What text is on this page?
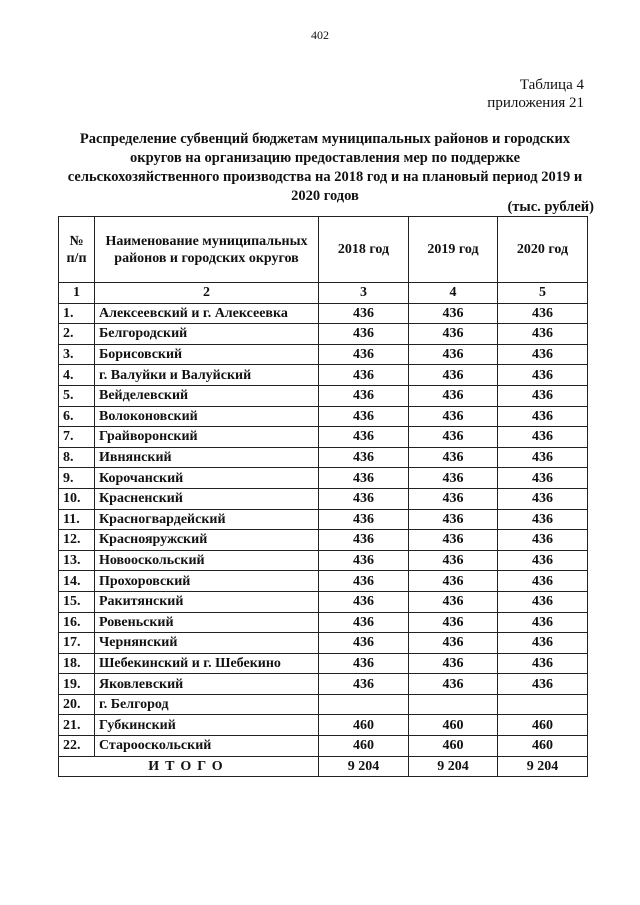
402
Таблица 4
приложения 21
Распределение субвенций бюджетам муниципальных районов и городских округов на организацию предоставления мер по поддержке сельскохозяйственного производства на 2018 год и на плановый период 2019 и 2020 годов
(тыс. рублей)
№ п/п	Наименование муниципальных районов и городских округов	2018 год	2019 год	2020 год
1	2	3	4	5
1.	Алексеевский и г. Алексеевка	436	436	436
2.	Белгородский	436	436	436
3.	Борисовский	436	436	436
4.	г. Валуйки и Валуйский	436	436	436
5.	Вейделевский	436	436	436
6.	Волоконовский	436	436	436
7.	Грайворонский	436	436	436
8.	Ивнянский	436	436	436
9.	Корочанский	436	436	436
10.	Красненский	436	436	436
11.	Красногвардейский	436	436	436
12.	Краснояружский	436	436	436
13.	Новооскольский	436	436	436
14.	Прохоровский	436	436	436
15.	Ракитянский	436	436	436
16.	Ровеньский	436	436	436
17.	Чернянский	436	436	436
18.	Шебекинский и г. Шебекино	436	436	436
19.	Яковлевский	436	436	436
20.	г. Белгород			
21.	Губкинский	460	460	460
22.	Старооскольский	460	460	460
ИТОГО		9 204	9 204	9 204
